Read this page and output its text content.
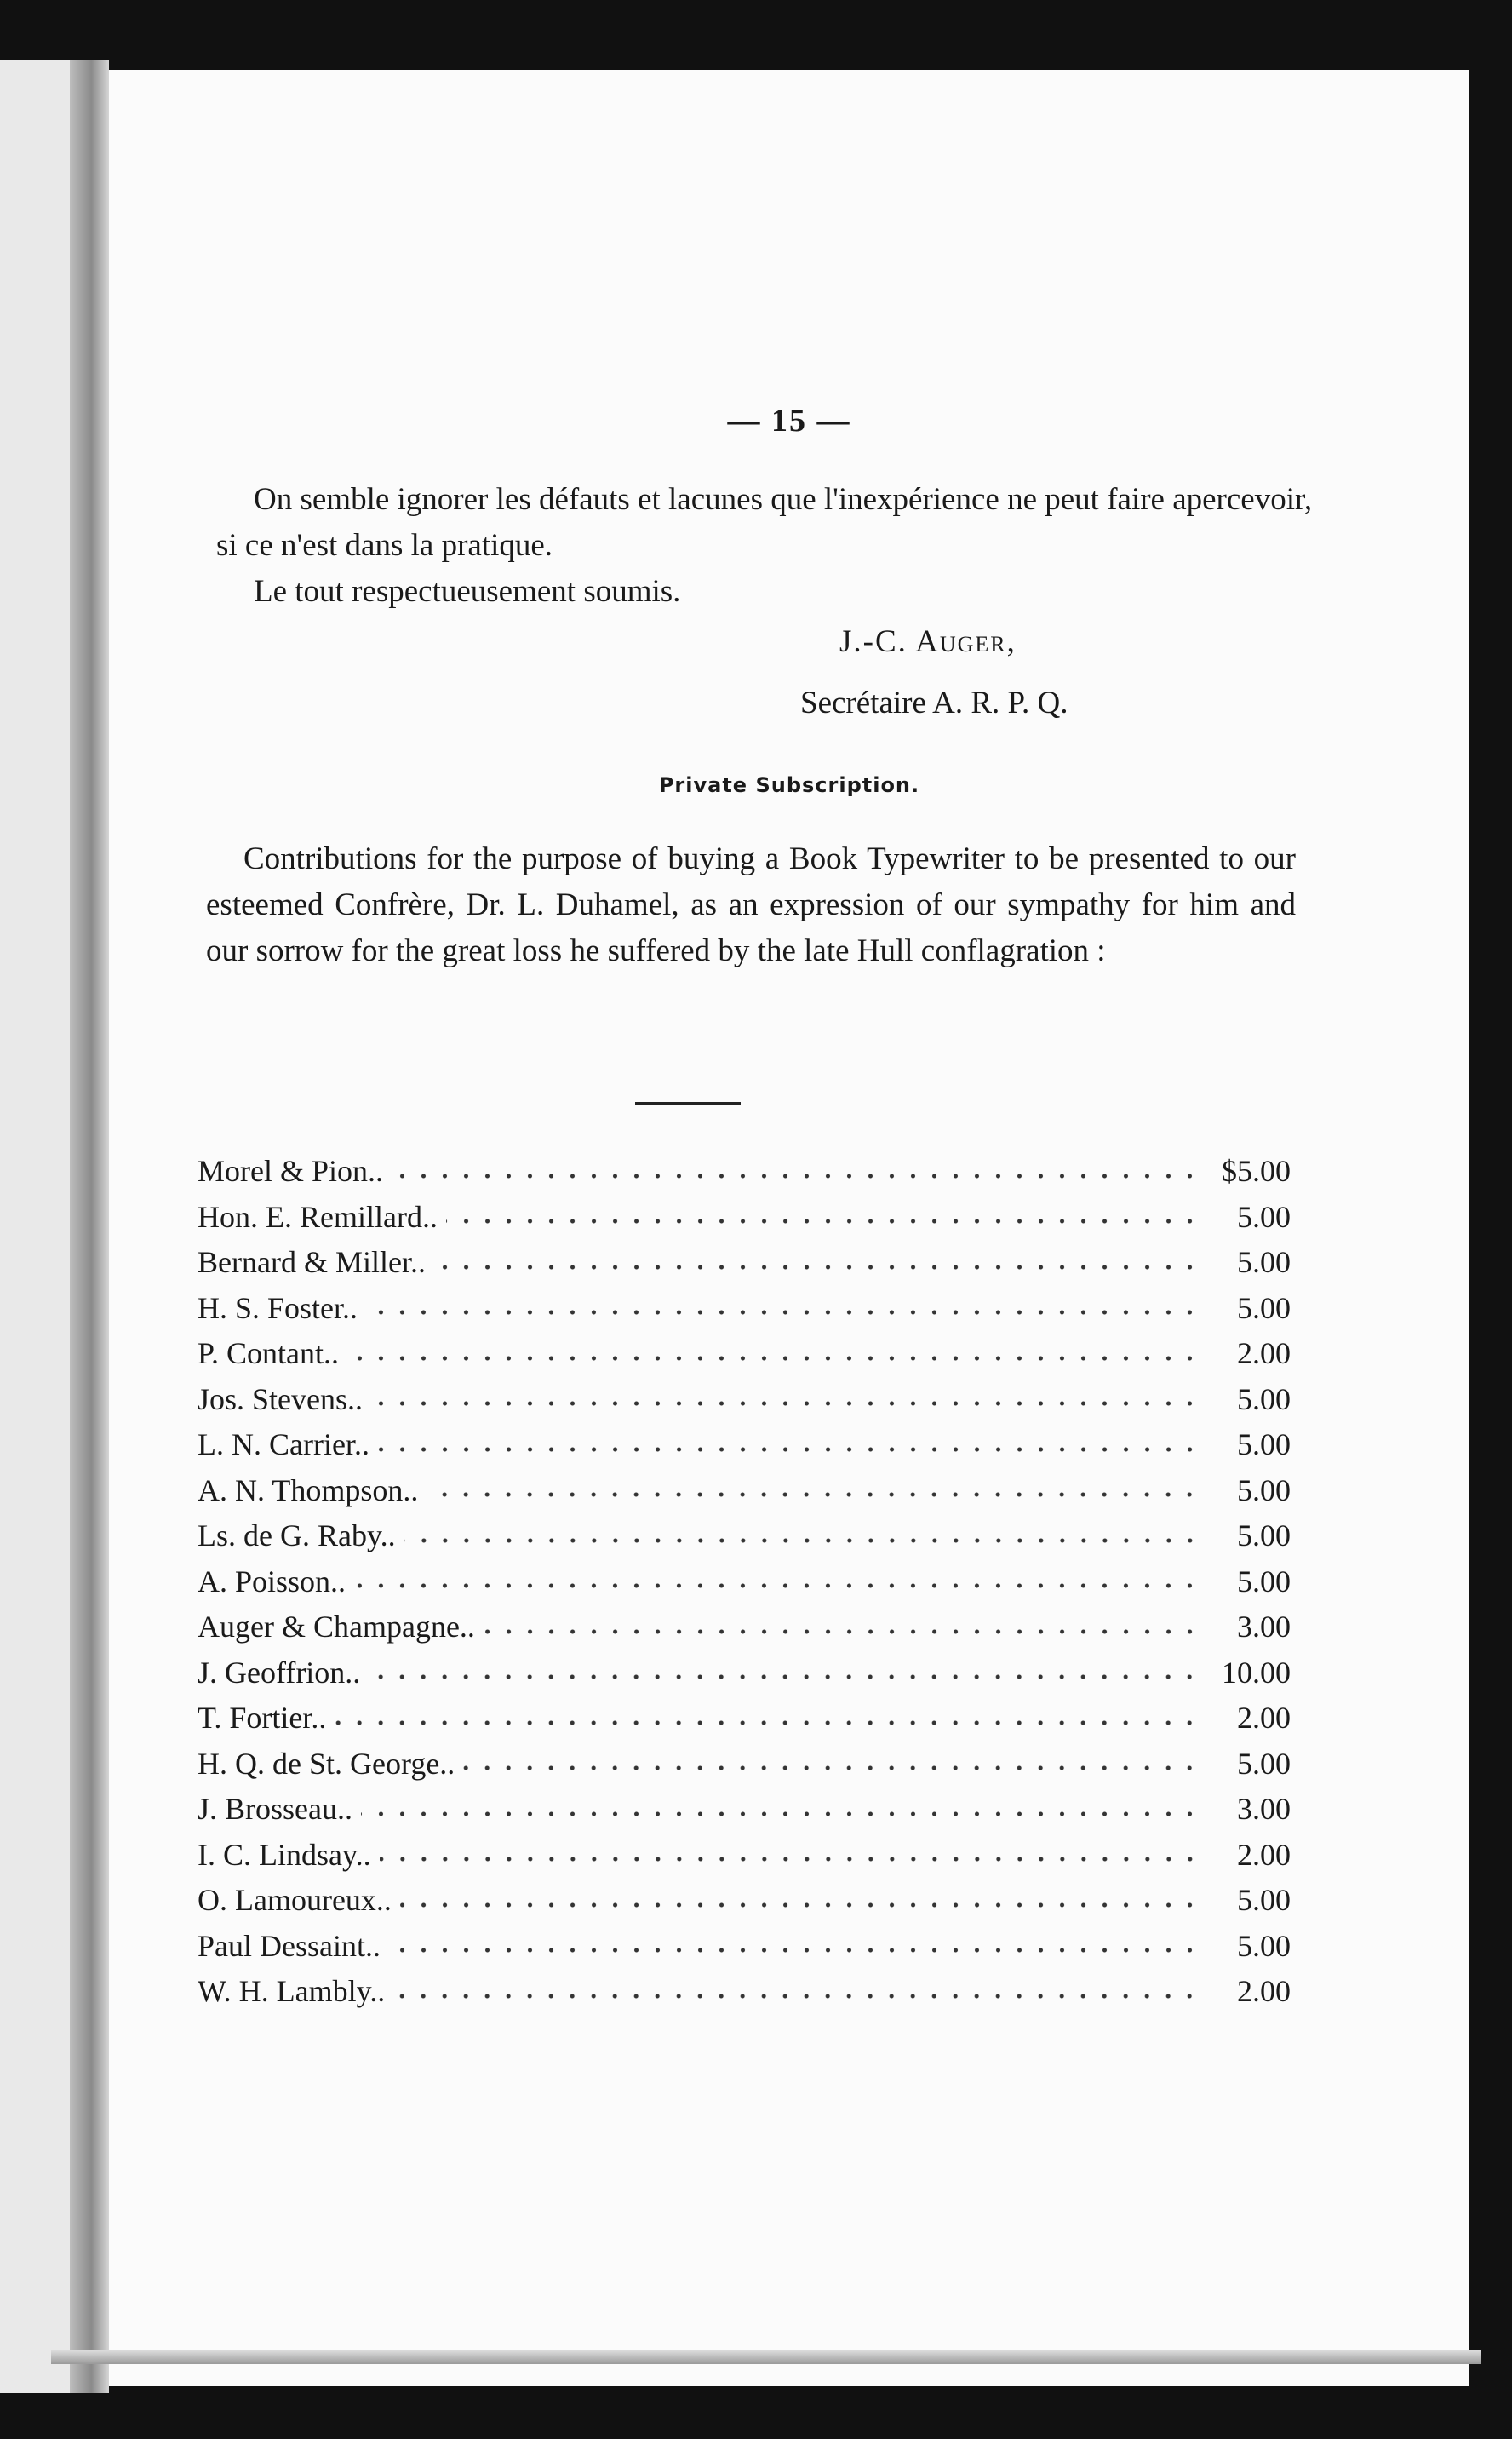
— 15 —

On semble ignorer les défauts et lacunes que l'inexpérience ne peut faire apercevoir, si ce n'est dans la pratique.

Le tout respectueusement soumis.

J.-C. Auger,
Secrétaire A. R. P. Q.
Private Subscription.
Contributions for the purpose of buying a Book Typewriter to be presented to our esteemed Confrère, Dr. L. Duhamel, as an expression of our sympathy for him and our sorrow for the great loss he suffered by the late Hull conflagration :
Morel & Pion..	$5.00
Hon. E. Remillard..	5.00
Bernard & Miller..	5.00
H. S. Foster..	5.00
P. Contant..	2.00
Jos. Stevens..	5.00
L. N. Carrier..	5.00
A. N. Thompson..	5.00
Ls. de G. Raby..	5.00
A. Poisson..	5.00
Auger & Champagne..	3.00
J. Geoffrion..	10.00
T. Fortier..	2.00
H. Q. de St. George..	5.00
J. Brosseau..	3.00
I. C. Lindsay..	2.00
O. Lamoureux..	5.00
Paul Dessaint..	5.00
W. H. Lambly..	2.00
